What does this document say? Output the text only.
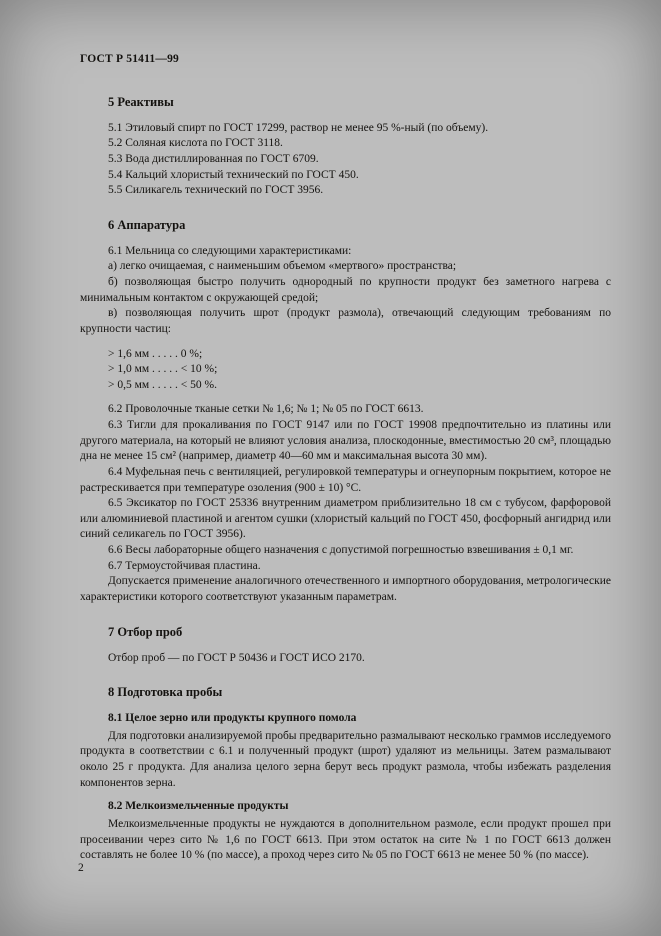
ГОСТ Р 51411—99
5 Реактивы

5.1 Этиловый спирт по ГОСТ 17299, раствор не менее 95 %-ный (по объему).

5.2 Соляная кислота по ГОСТ 3118.

5.3 Вода дистиллированная по ГОСТ 6709.

5.4 Кальций хлористый технический по ГОСТ 450.

5.5 Силикагель технический по ГОСТ 3956.

6 Аппаратура

6.1 Мельница со следующими характеристиками:

а) легко очищаемая, с наименьшим объемом «мертвого» пространства;

б) позволяющая быстро получить однородный по крупности продукт без заметного нагрева с минимальным контактом с окружающей средой;

в) позволяющая получить шрот (продукт размола), отвечающий следующим требованиям по крупности частиц:

> 1,6 мм . . . . . 0 %;

> 1,0 мм . . . . . < 10 %;

> 0,5 мм . . . . . < 50 %.

6.2 Проволочные тканые сетки № 1,6; № 1; № 05 по ГОСТ 6613.

6.3 Тигли для прокаливания по ГОСТ 9147 или по ГОСТ 19908 предпочтительно из платины или другого материала, на который не влияют условия анализа, плоскодонные, вместимостью 20 см³, площадью дна не менее 15 см² (например, диаметр 40—60 мм и максимальная высота 30 мм).

6.4 Муфельная печь с вентиляцией, регулировкой температуры и огнеупорным покрытием, которое не растрескивается при температуре озоления (900 ± 10) °С.

6.5 Эксикатор по ГОСТ 25336 внутренним диаметром приблизительно 18 см с тубусом, фарфоровой или алюминиевой пластиной и агентом сушки (хлористый кальций по ГОСТ 450, фосфорный ангидрид или синий селикагель по ГОСТ 3956).

6.6 Весы лабораторные общего назначения с допустимой погрешностью взвешивания ± 0,1 мг.

6.7 Термоустойчивая пластина.

Допускается применение аналогичного отечественного и импортного оборудования, метрологические характеристики которого соответствуют указанным параметрам.

7 Отбор проб

Отбор проб — по ГОСТ Р 50436 и ГОСТ ИСО 2170.

8 Подготовка пробы

8.1 Целое зерно или продукты крупного помола

Для подготовки анализируемой пробы предварительно размалывают несколько граммов исследуемого продукта в соответствии с 6.1 и полученный продукт (шрот) удаляют из мельницы. Затем размалывают около 25 г продукта. Для анализа целого зерна берут весь продукт размола, чтобы избежать разделения компонентов зерна.

8.2 Мелкоизмельченные продукты

Мелкоизмельченные продукты не нуждаются в дополнительном размоле, если продукт прошел при просеивании через сито № 1,6 по ГОСТ 6613. При этом остаток на сите № 1 по ГОСТ 6613 должен составлять не более 10 % (по массе), а проход через сито № 05 по ГОСТ 6613 не менее 50 % (по массе).

2
